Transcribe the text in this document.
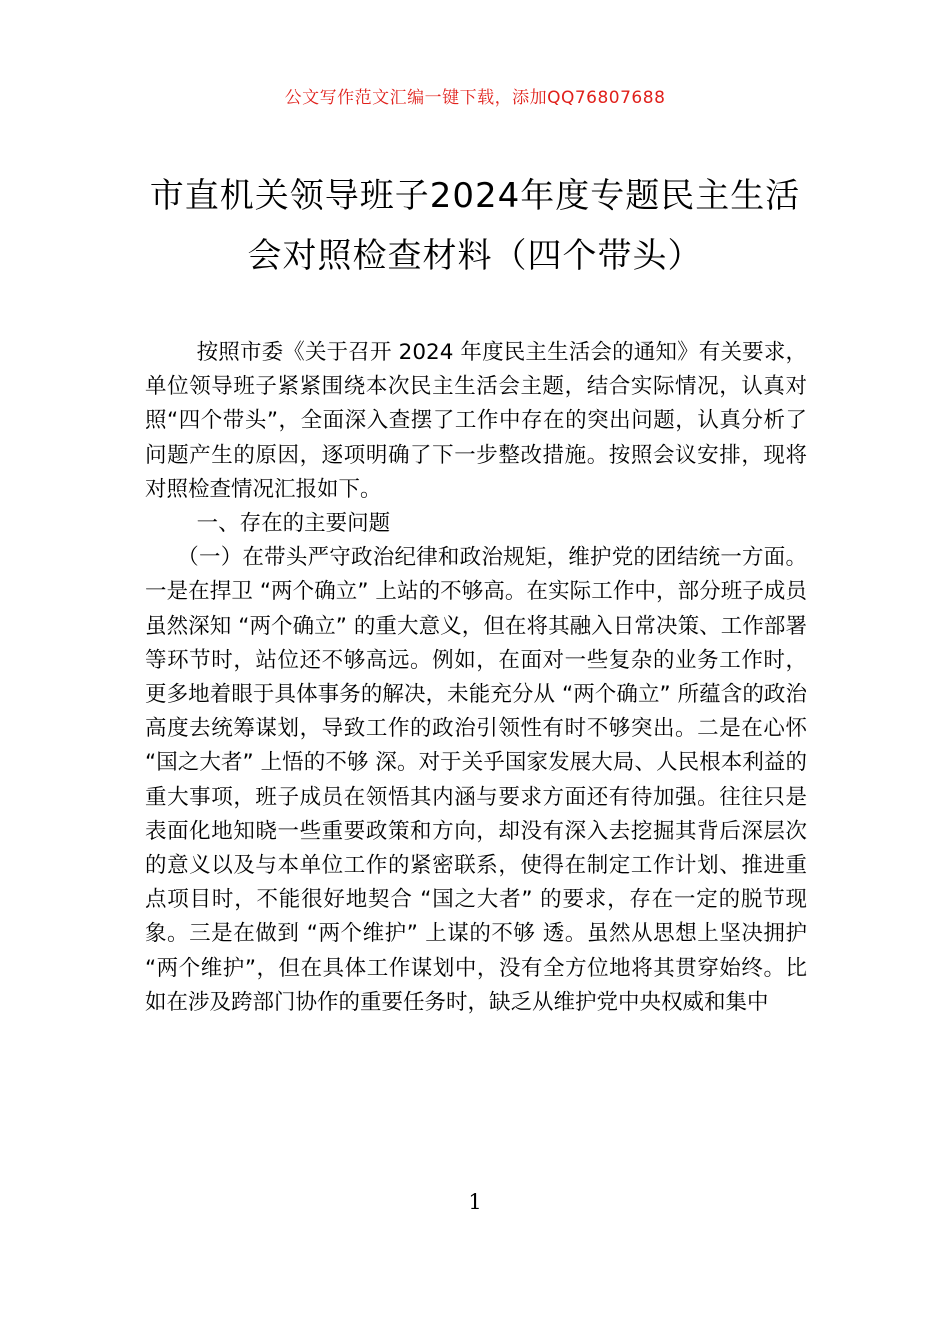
公文写作范文汇编一键下载，添加QQ76807688
市直机关领导班子2024年度专题民主生活
会对照检查材料（四个带头）

按照市委《关于召开 2024 年度民主生活会的通知》有关要求，单位领导班子紧紧围绕本次民主生活会主题，结合实际情况，认真对照“四个带头”，全面深入查摆了工作中存在的突出问题，认真分析了问题产生的原因，逐项明确了下一步整改措施。按照会议安排，现将对照检查情况汇报如下。

一、存在的主要问题

（一）在带头严守政治纪律和政治规矩，维护党的团结统一方面。一是在捍卫 “两个确立” 上站的不够高。在实际工作中，部分班子成员虽然深知 “两个确立” 的重大意义，但在将其融入日常决策、工作部署等环节时，站位还不够高远。例如，在面对一些复杂的业务工作时，更多地着眼于具体事务的解决，未能充分从 “两个确立” 所蕴含的政治高度去统筹谋划，导致工作的政治引领性有时不够突出。二是在心怀 “国之大者” 上悟的不够 深。对于关乎国家发展大局、人民根本利益的重大事项，班子成员在领悟其内涵与要求方面还有待加强。往往只是表面化地知晓一些重要政策和方向，却没有深入去挖掘其背后深层次的意义以及与本单位工作的紧密联系，使得在制定工作计划、推进重点项目时，不能很好地契合 “国之大者” 的要求，存在一定的脱节现象。三是在做到 “两个维护” 上谋的不够 透。虽然从思想上坚决拥护 “两个维护”，但在具体工作谋划中，没有全方位地将其贯穿始终。比如在涉及跨部门协作的重要任务时，缺乏从维护党中央权威和集中

1
